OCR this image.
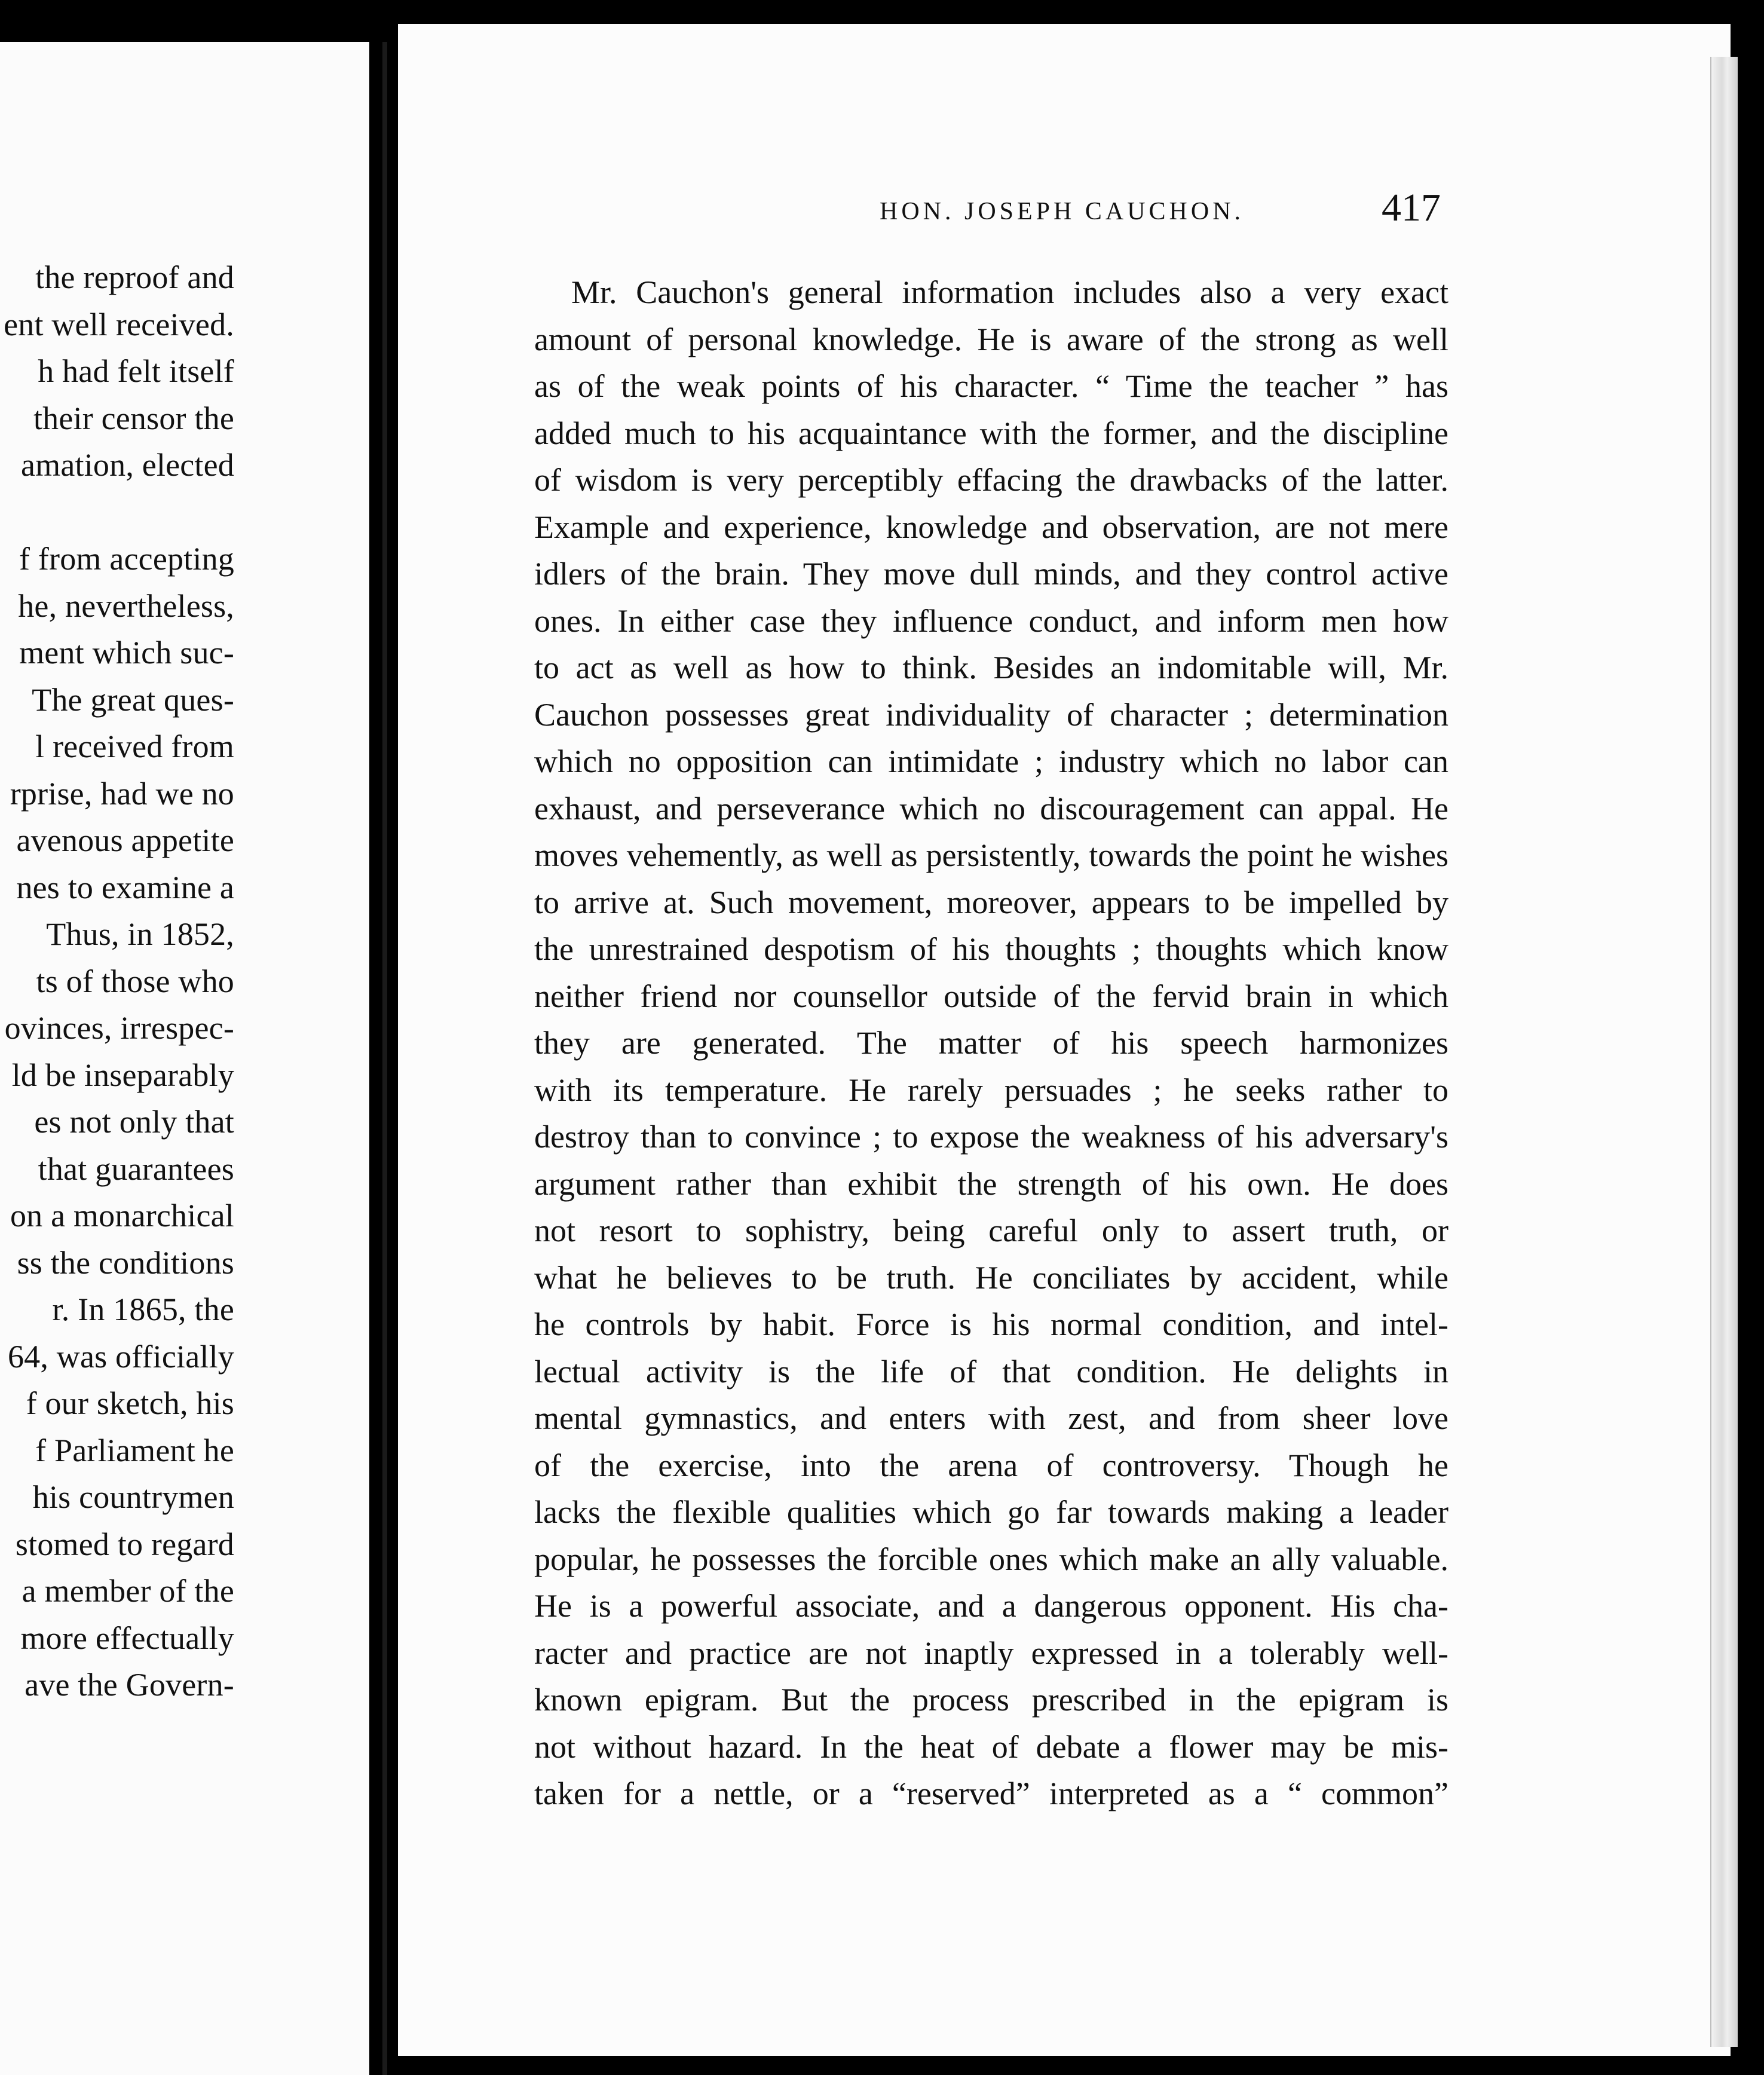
the reproof and
ent well received.
h had felt itself
their censor the
amation, elected
f from accepting
he, nevertheless,
ment which suc-
The great ques-
l received from
rprise, had we no
avenous appetite
nes to examine a
Thus, in 1852,
ts of those who
ovinces, irrespec-
ld be inseparably
es not only that
that guarantees
on a monarchical
ss the conditions
r. In 1865, the
64, was officially
f our sketch, his
f Parliament he
his countrymen
stomed to regard
a member of the
more effectually
ave the Govern-
HON. JOSEPH CAUCHON.	417
Mr. Cauchon's general information includes also a very exact
amount of personal knowledge. He is aware of the strong as well
as of the weak points of his character. “ Time the teacher ” has
added much to his acquaintance with the former, and the discipline
of wisdom is very perceptibly effacing the drawbacks of the latter.
Example and experience, knowledge and observation, are not mere
idlers of the brain. They move dull minds, and they control active
ones. In either case they influence conduct, and inform men how
to act as well as how to think. Besides an indomitable will, Mr.
Cauchon possesses great individuality of character ; determination
which no opposition can intimidate ; industry which no labor can
exhaust, and perseverance which no discouragement can appal. He
moves vehemently, as well as persistently, towards the point he wishes
to arrive at. Such movement, moreover, appears to be impelled by
the unrestrained despotism of his thoughts ; thoughts which know
neither friend nor counsellor outside of the fervid brain in which
they are generated. The matter of his speech harmonizes
with its temperature. He rarely persuades ; he seeks rather to
destroy than to convince ; to expose the weakness of his adversary's
argument rather than exhibit the strength of his own. He does
not resort to sophistry, being careful only to assert truth, or
what he believes to be truth. He conciliates by accident, while
he controls by habit. Force is his normal condition, and intel-
lectual activity is the life of that condition. He delights in
mental gymnastics, and enters with zest, and from sheer love
of the exercise, into the arena of controversy. Though he
lacks the flexible qualities which go far towards making a leader
popular, he possesses the forcible ones which make an ally valuable.
He is a powerful associate, and a dangerous opponent. His cha-
racter and practice are not inaptly expressed in a tolerably well-
known epigram. But the process prescribed in the epigram is
not without hazard. In the heat of debate a flower may be mis-
taken for a nettle, or a “reserved” interpreted as a “ common”
